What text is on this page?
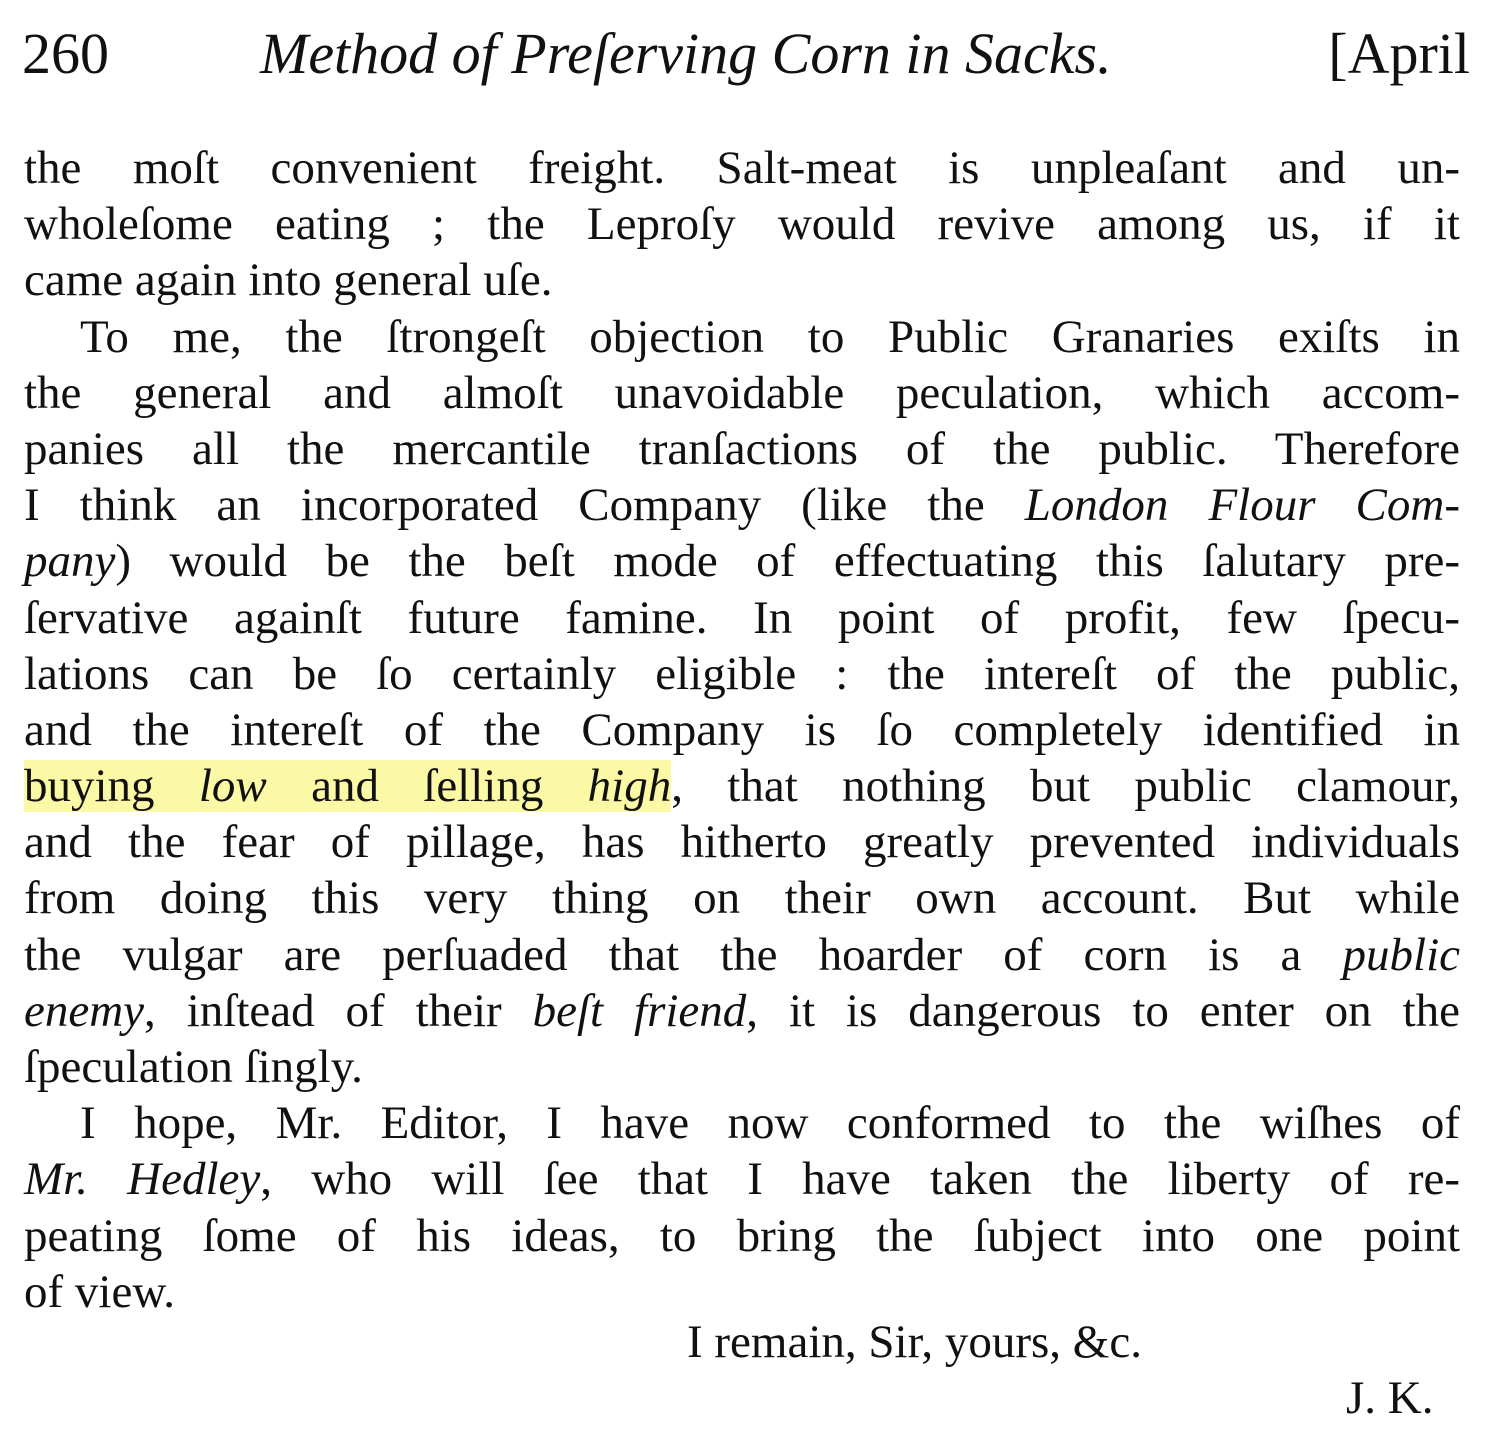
260	Method of Preſerving Corn in Sacks.	[April
the moſt convenient freight. Salt-meat is unpleaſant and un-
wholeſome eating ; the Leproſy would revive among us, if it
came again into general uſe.
To me, the ſtrongeſt objection to Public Granaries exiſts in
the general and almoſt unavoidable peculation, which accom-
panies all the mercantile tranſactions of the public. Therefore
I think an incorporated Company (like the London Flour Com-
pany) would be the beſt mode of effectuating this ſalutary pre-
ſervative againſt future famine. In point of profit, few ſpecu-
lations can be ſo certainly eligible : the intereſt of the public,
and the intereſt of the Company is ſo completely identified in
buying low and ſelling high, that nothing but public clamour,
and the fear of pillage, has hitherto greatly prevented individuals
from doing this very thing on their own account. But while
the vulgar are perſuaded that the hoarder of corn is a public
enemy, inſtead of their beſt friend, it is dangerous to enter on the
ſpeculation ſingly.
I hope, Mr. Editor, I have now conformed to the wiſhes of
Mr. Hedley, who will ſee that I have taken the liberty of re-
peating ſome of his ideas, to bring the ſubject into one point
of view.
I remain, Sir, yours, &c.
J. K.
